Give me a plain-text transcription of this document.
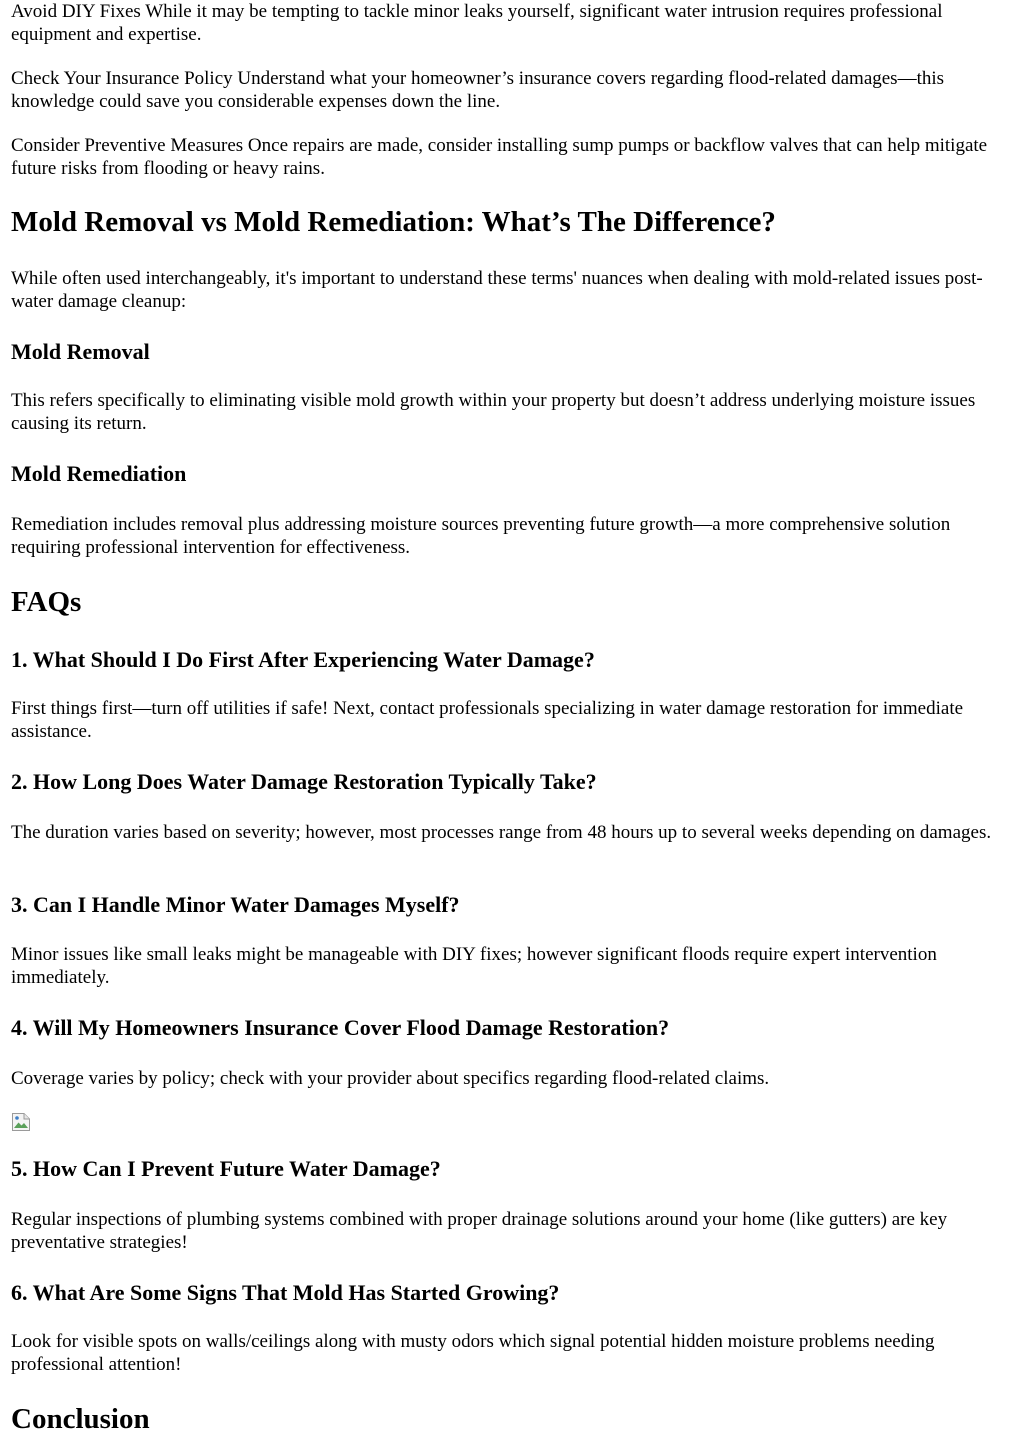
Avoid DIY Fixes While it may be tempting to tackle minor leaks yourself, significant water intrusion requires professional equipment and expertise.

Check Your Insurance Policy Understand what your homeowner’s insurance covers regarding flood-related damages—this knowledge could save you considerable expenses down the line.

Consider Preventive Measures Once repairs are made, consider installing sump pumps or backflow valves that can help mitigate future risks from flooding or heavy rains.

Mold Removal vs Mold Remediation: What’s The Difference?

While often used interchangeably, it's important to understand these terms' nuances when dealing with mold-related issues post-water damage cleanup:

Mold Removal

This refers specifically to eliminating visible mold growth within your property but doesn’t address underlying moisture issues causing its return.

Mold Remediation

Remediation includes removal plus addressing moisture sources preventing future growth—a more comprehensive solution requiring professional intervention for effectiveness.

FAQs
1. What Should I Do First After Experiencing Water Damage?

First things first—turn off utilities if safe! Next, contact professionals specializing in water damage restoration for immediate assistance.

2. How Long Does Water Damage Restoration Typically Take?

The duration varies based on severity; however, most processes range from 48 hours up to several weeks depending on damages.

3. Can I Handle Minor Water Damages Myself?

Minor issues like small leaks might be manageable with DIY fixes; however significant floods require expert intervention immediately.

4. Will My Homeowners Insurance Cover Flood Damage Restoration?

Coverage varies by policy; check with your provider about specifics regarding flood-related claims.

5. How Can I Prevent Future Water Damage?

Regular inspections of plumbing systems combined with proper drainage solutions around your home (like gutters) are key preventative strategies!

6. What Are Some Signs That Mold Has Started Growing?

Look for visible spots on walls/ceilings along with musty odors which signal potential hidden moisture problems needing professional attention!

Conclusion
